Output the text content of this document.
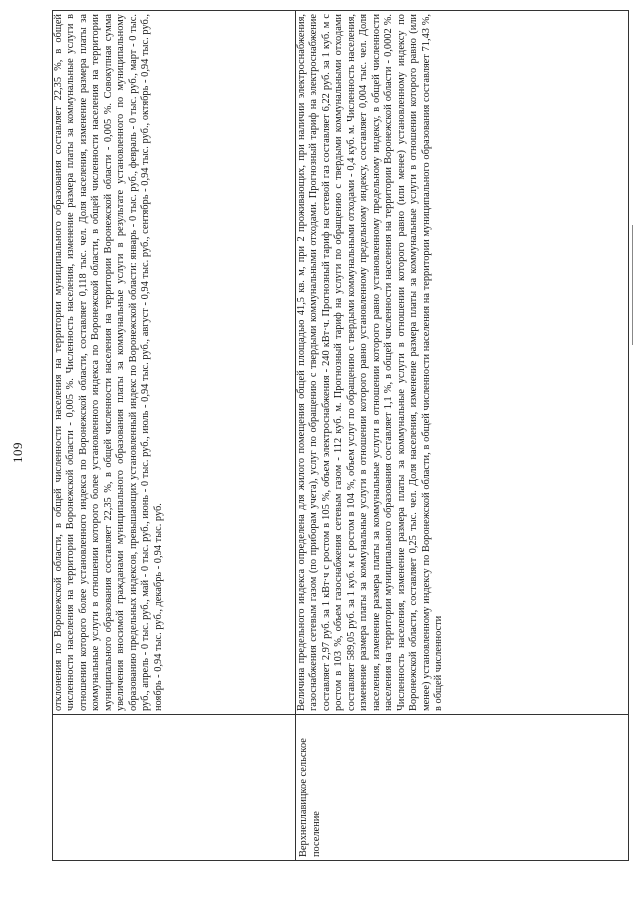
109

	отклонения по Воронежской области, в общей численности населения на территории муниципального образования составляет 22,35 %, в общей численности населения на территории Воронежской области - 0,005 %. Численность населения, изменение размера платы за коммунальные услуги в отношении которого более установленного индекса по Воронежской области, составляет 0,118 тыс. чел. Доля населения, изменение размера платы за коммунальные услуги в отношении которого более установленного индекса по Воронежской области, в общей численности населения на территории муниципального образования составляет 22,35 %, в общей численности населения на территории Воронежской области - 0,005 %. Совокупная сумма увеличения вносимой гражданами муниципального образования платы за коммунальные услуги в результате установленного по муниципальному образованию предельных индексов, превышающих установленный индекс по Воронежской области: январь - 0 тыс. руб., февраль - 0 тыс. руб., март - 0 тыс. руб., апрель - 0 тыс. руб., май - 0 тыс. руб., июнь - 0 тыс. руб., июль - 0,94 тыс. руб., август - 0,94 тыс. руб., сентябрь - 0,94 тыс. руб., октябрь - 0,94 тыс. руб., ноябрь - 0,94 тыс. руб., декабрь - 0,94 тыс. руб.

Верхнеплавицкое сельское поселение	Величина предельного индекса определена для жилого помещения общей площадью 41,5 кв. м, при 2 проживающих, при наличии электроснабжения, газоснабжения сетевым газом (по приборам учета), услуг по обращению с твердыми коммунальными отходами. Прогнозный тариф на электроснабжение составляет 2,97 руб. за 1 кВт·ч с ростом в 105 %, объем электроснабжения - 240 кВт·ч. Прогнозный тариф на сетевой газ составляет 6,22 руб. за 1 куб. м с ростом в 103 %, объем газоснабжения сетевым газом - 112 куб. м. Прогнозный тариф на услуги по обращению с твердыми коммунальными отходами составляет 589,05 руб. за 1 куб. м с ростом в 104 %, объем услуг по обращению с твердыми коммунальными отходами - 0,4 куб. м. Численность населения, изменение размера платы за коммунальные услуги в отношении которого равно установленному предельному индексу, составляет 0,004 тыс. чел. Доля населения, изменение размера платы за коммунальные услуги в отношении которого равно установленному предельному индексу, в общей численности населения на территории муниципального образования составляет 1,1 %, в общей численности населения на территории Воронежской области - 0,0002 %. Численность населения, изменение размера платы за коммунальные услуги в отношении которого равно (или менее) установленному индексу по Воронежской области, составляет 0,25 тыс. чел. Доля населения, изменение размера платы за коммунальные услуги в отношении которого равно (или менее) установленному индексу по Воронежской области, в общей численности населения на территории муниципального образования составляет 71,43 %, в общей численности
